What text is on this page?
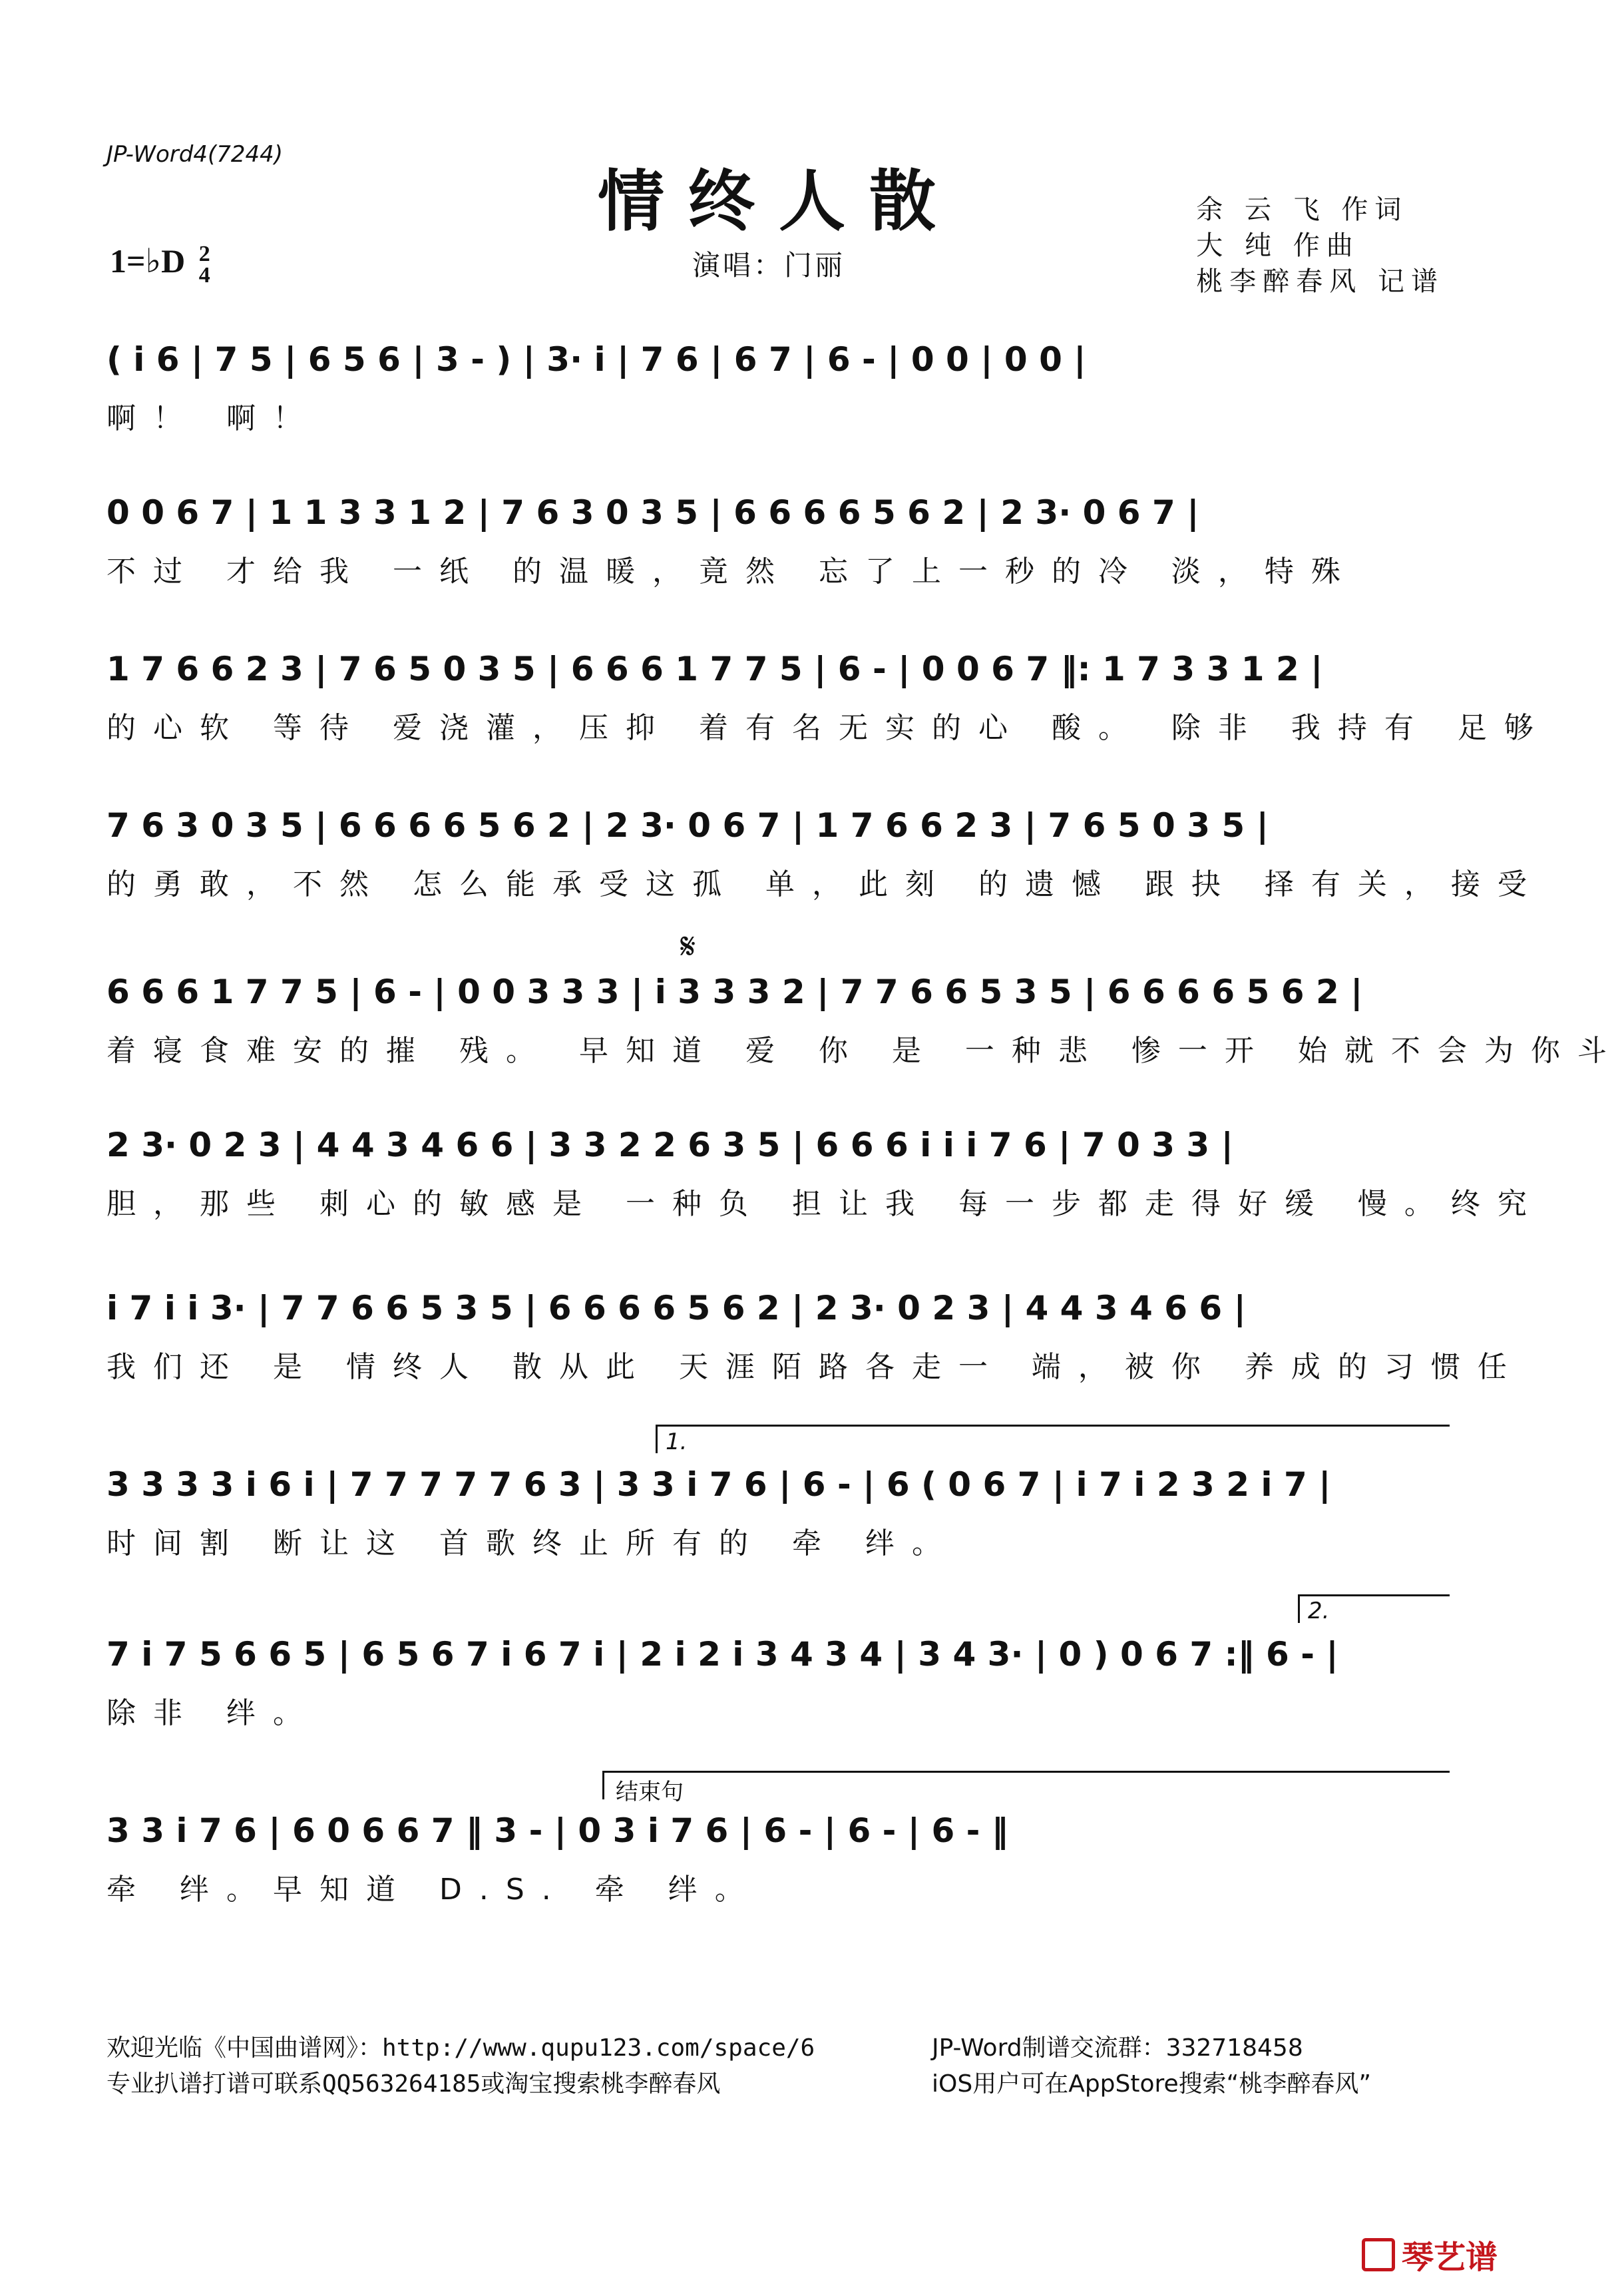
JP-Word4(7244)
情终人散	余 云 飞 作词
大 纯 作曲
桃李醉春风 记谱
1=♭D 2
4	演唱：门丽
( i 6 | 7 5 | 6 5 6 | 3 - ) | 3· i | 7 6 | 6 7 | 6 - | 0 0 | 0 0 |
啊！ 啊！
0 0 6 7 | 1 1 3 3 1 2 | 7 6 3 0 3 5 | 6 6 6 6 5 6 2 | 2 3· 0 6 7 |
不过 才给我 一纸 的温暖，竟然 忘了上一秒的冷 淡，特殊
1 7 6 6 2 3 | 7 6 5 0 3 5 | 6 6 6 1 7 7 5 | 6 - | 0 0 6 7 ‖: 1 7 3 3 1 2 |
的心软 等待 爱浇灌，压抑 着有名无实的心 酸。 除非 我持有 足够
7 6 3 0 3 5 | 6 6 6 6 5 6 2 | 2 3· 0 6 7 | 1 7 6 6 2 3 | 7 6 5 0 3 5 |
的勇敢，不然 怎么能承受这孤 单，此刻 的遗憾 跟抉 择有关，接受
𝄋
6 6 6 1 7 7 5 | 6 - | 0 0 3 3 3 | i 3 3 3 2 | 7 7 6 6 5 3 5 | 6 6 6 6 5 6 2 |
着寝食难安的摧 残。 早知道 爱 你 是 一种悲 惨一开 始就不会为你斗
2 3· 0 2 3 | 4 4 3 4 6 6 | 3 3 2 2 6 3 5 | 6 6 6 i i i 7 6 | 7 0 3 3 |
胆，那些 刺心的敏感是 一种负 担让我 每一步都走得好缓 慢。终究
i 7 i i 3· | 7 7 6 6 5 3 5 | 6 6 6 6 5 6 2 | 2 3· 0 2 3 | 4 4 3 4 6 6 |
我们还 是 情终人 散从此 天涯陌路各走一 端，被你 养成的习惯任
1.
3 3 3 3 i 6 i | 7 7 7 7 7 6 3 | 3 3 i 7 6 | 6 - | 6 ( 0 6 7 | i 7 i 2 3 2 i 7 |
时间割 断让这 首歌终止所有的 牵 绊。
2.
7 i 7 5 6 6 5 | 6 5 6 7 i 6 7 i | 2 i 2 i 3 4 3 4 | 3 4 3· | 0 ) 0 6 7 :‖ 6 - |
除非 绊。
结束句
3 3 i 7 6 | 6 0 6 6 7 ‖ 3 - | 0 3 i 7 6 | 6 - | 6 - | 6 - ‖
牵 绊。早知道 D.S. 牵 绊。
欢迎光临《中国曲谱网》：http://www.qupu123.com/space/6
专业扒谱打谱可联系QQ563264185或淘宝搜索桃李醉春风
JP-Word制谱交流群：332718458
iOS用户可在AppStore搜索“桃李醉春风”
琴艺谱
